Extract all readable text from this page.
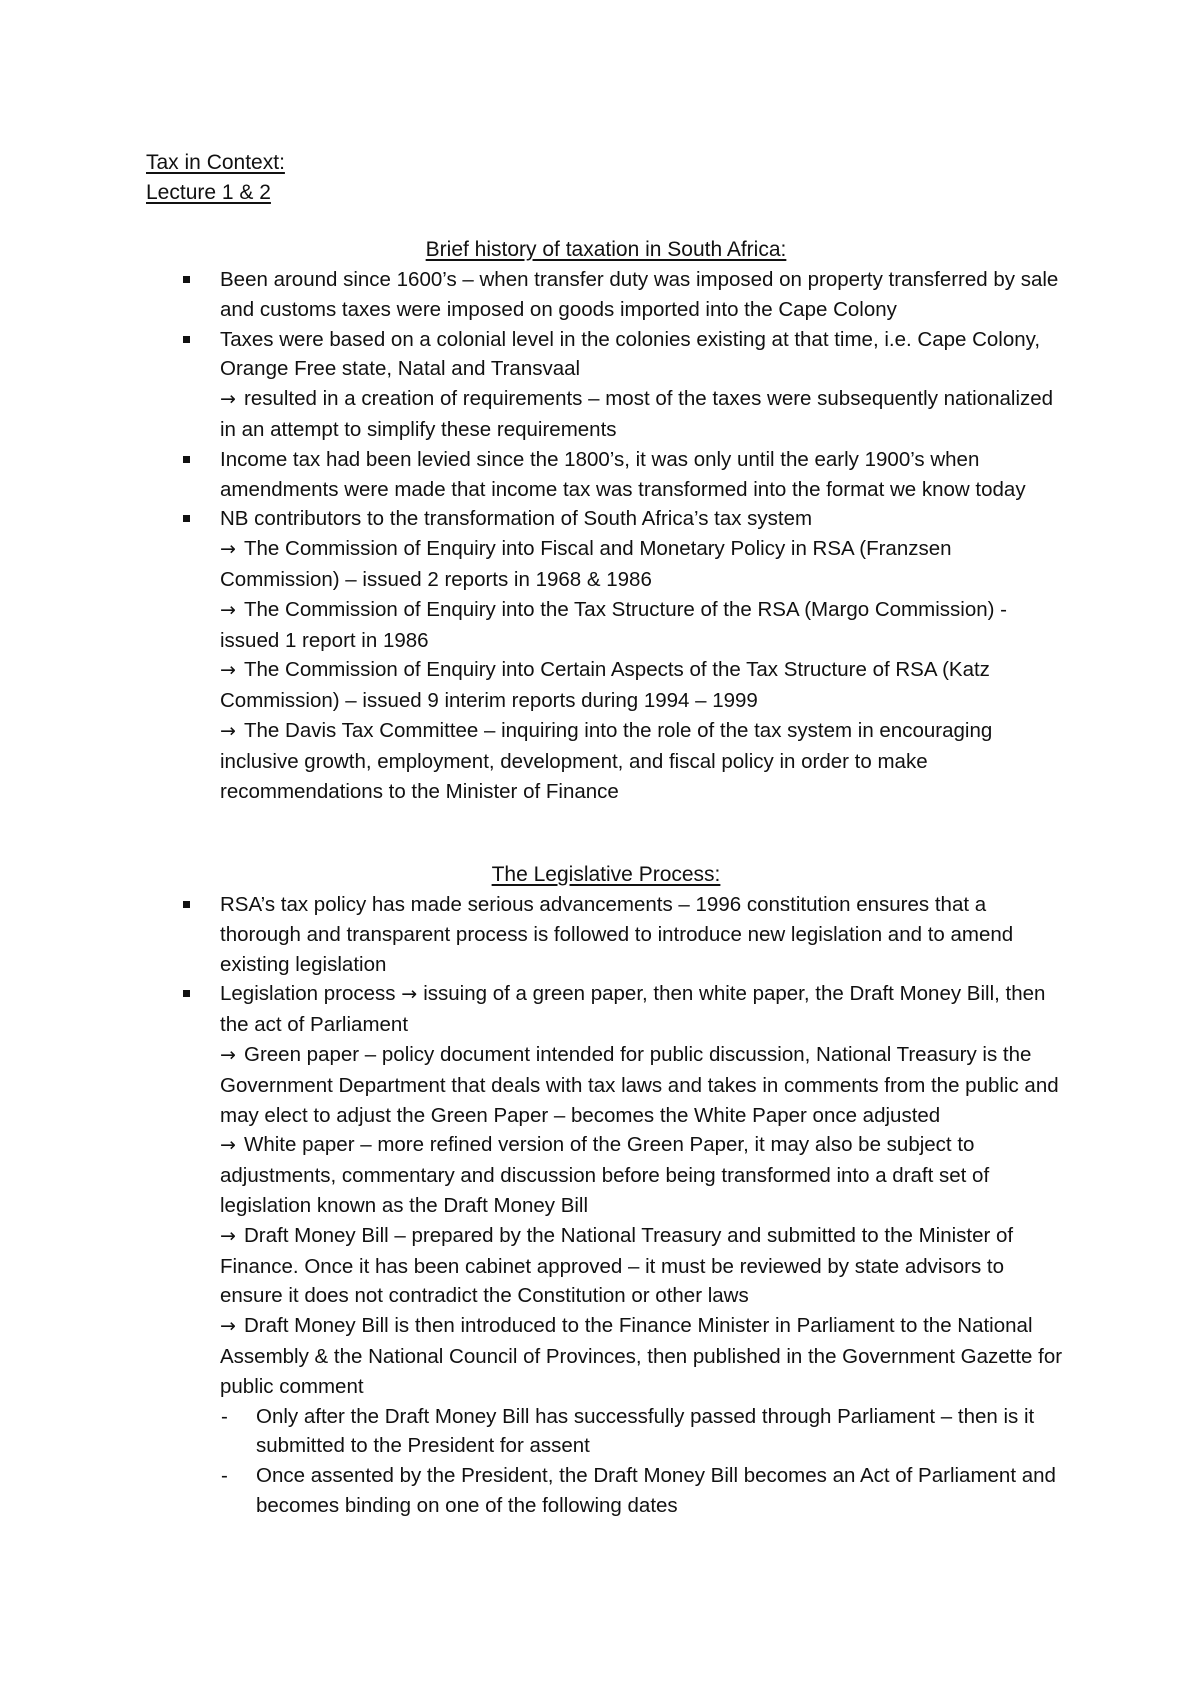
Tax in Context:
Lecture 1 & 2
Brief history of taxation in South Africa:
Been around since 1600’s – when transfer duty was imposed on property transferred by sale and customs taxes were imposed on goods imported into the Cape Colony
Taxes were based on a colonial level in the colonies existing at that time, i.e. Cape Colony, Orange Free state, Natal and Transvaal
→ resulted in a creation of requirements – most of the taxes were subsequently nationalized in an attempt to simplify these requirements
Income tax had been levied since the 1800’s, it was only until the early 1900’s when amendments were made that income tax was transformed into the format we know today
NB contributors to the transformation of South Africa’s tax system
→ The Commission of Enquiry into Fiscal and Monetary Policy in RSA (Franzsen Commission) – issued 2 reports in 1968 & 1986
→ The Commission of Enquiry into the Tax Structure of the RSA (Margo Commission) - issued 1 report in 1986
→ The Commission of Enquiry into Certain Aspects of the Tax Structure of RSA (Katz Commission) – issued 9 interim reports during 1994 – 1999
→ The Davis Tax Committee – inquiring into the role of the tax system in encouraging inclusive growth, employment, development, and fiscal policy in order to make recommendations to the Minister of Finance
The Legislative Process:
RSA’s tax policy has made serious advancements – 1996 constitution ensures that a thorough and transparent process is followed to introduce new legislation and to amend existing legislation
Legislation process → issuing of a green paper, then white paper, the Draft Money Bill, then the act of Parliament
→ Green paper – policy document intended for public discussion, National Treasury is the Government Department that deals with tax laws and takes in comments from the public and may elect to adjust the Green Paper – becomes the White Paper once adjusted
→ White paper – more refined version of the Green Paper, it may also be subject to adjustments, commentary and discussion before being transformed into a draft set of legislation known as the Draft Money Bill
→ Draft Money Bill – prepared by the National Treasury and submitted to the Minister of Finance. Once it has been cabinet approved – it must be reviewed by state advisors to ensure it does not contradict the Constitution or other laws
→ Draft Money Bill is then introduced to the Finance Minister in Parliament to the National Assembly & the National Council of Provinces, then published in the Government Gazette for public comment
- Only after the Draft Money Bill has successfully passed through Parliament – then is it submitted to the President for assent
- Once assented by the President, the Draft Money Bill becomes an Act of Parliament and becomes binding on one of the following dates
